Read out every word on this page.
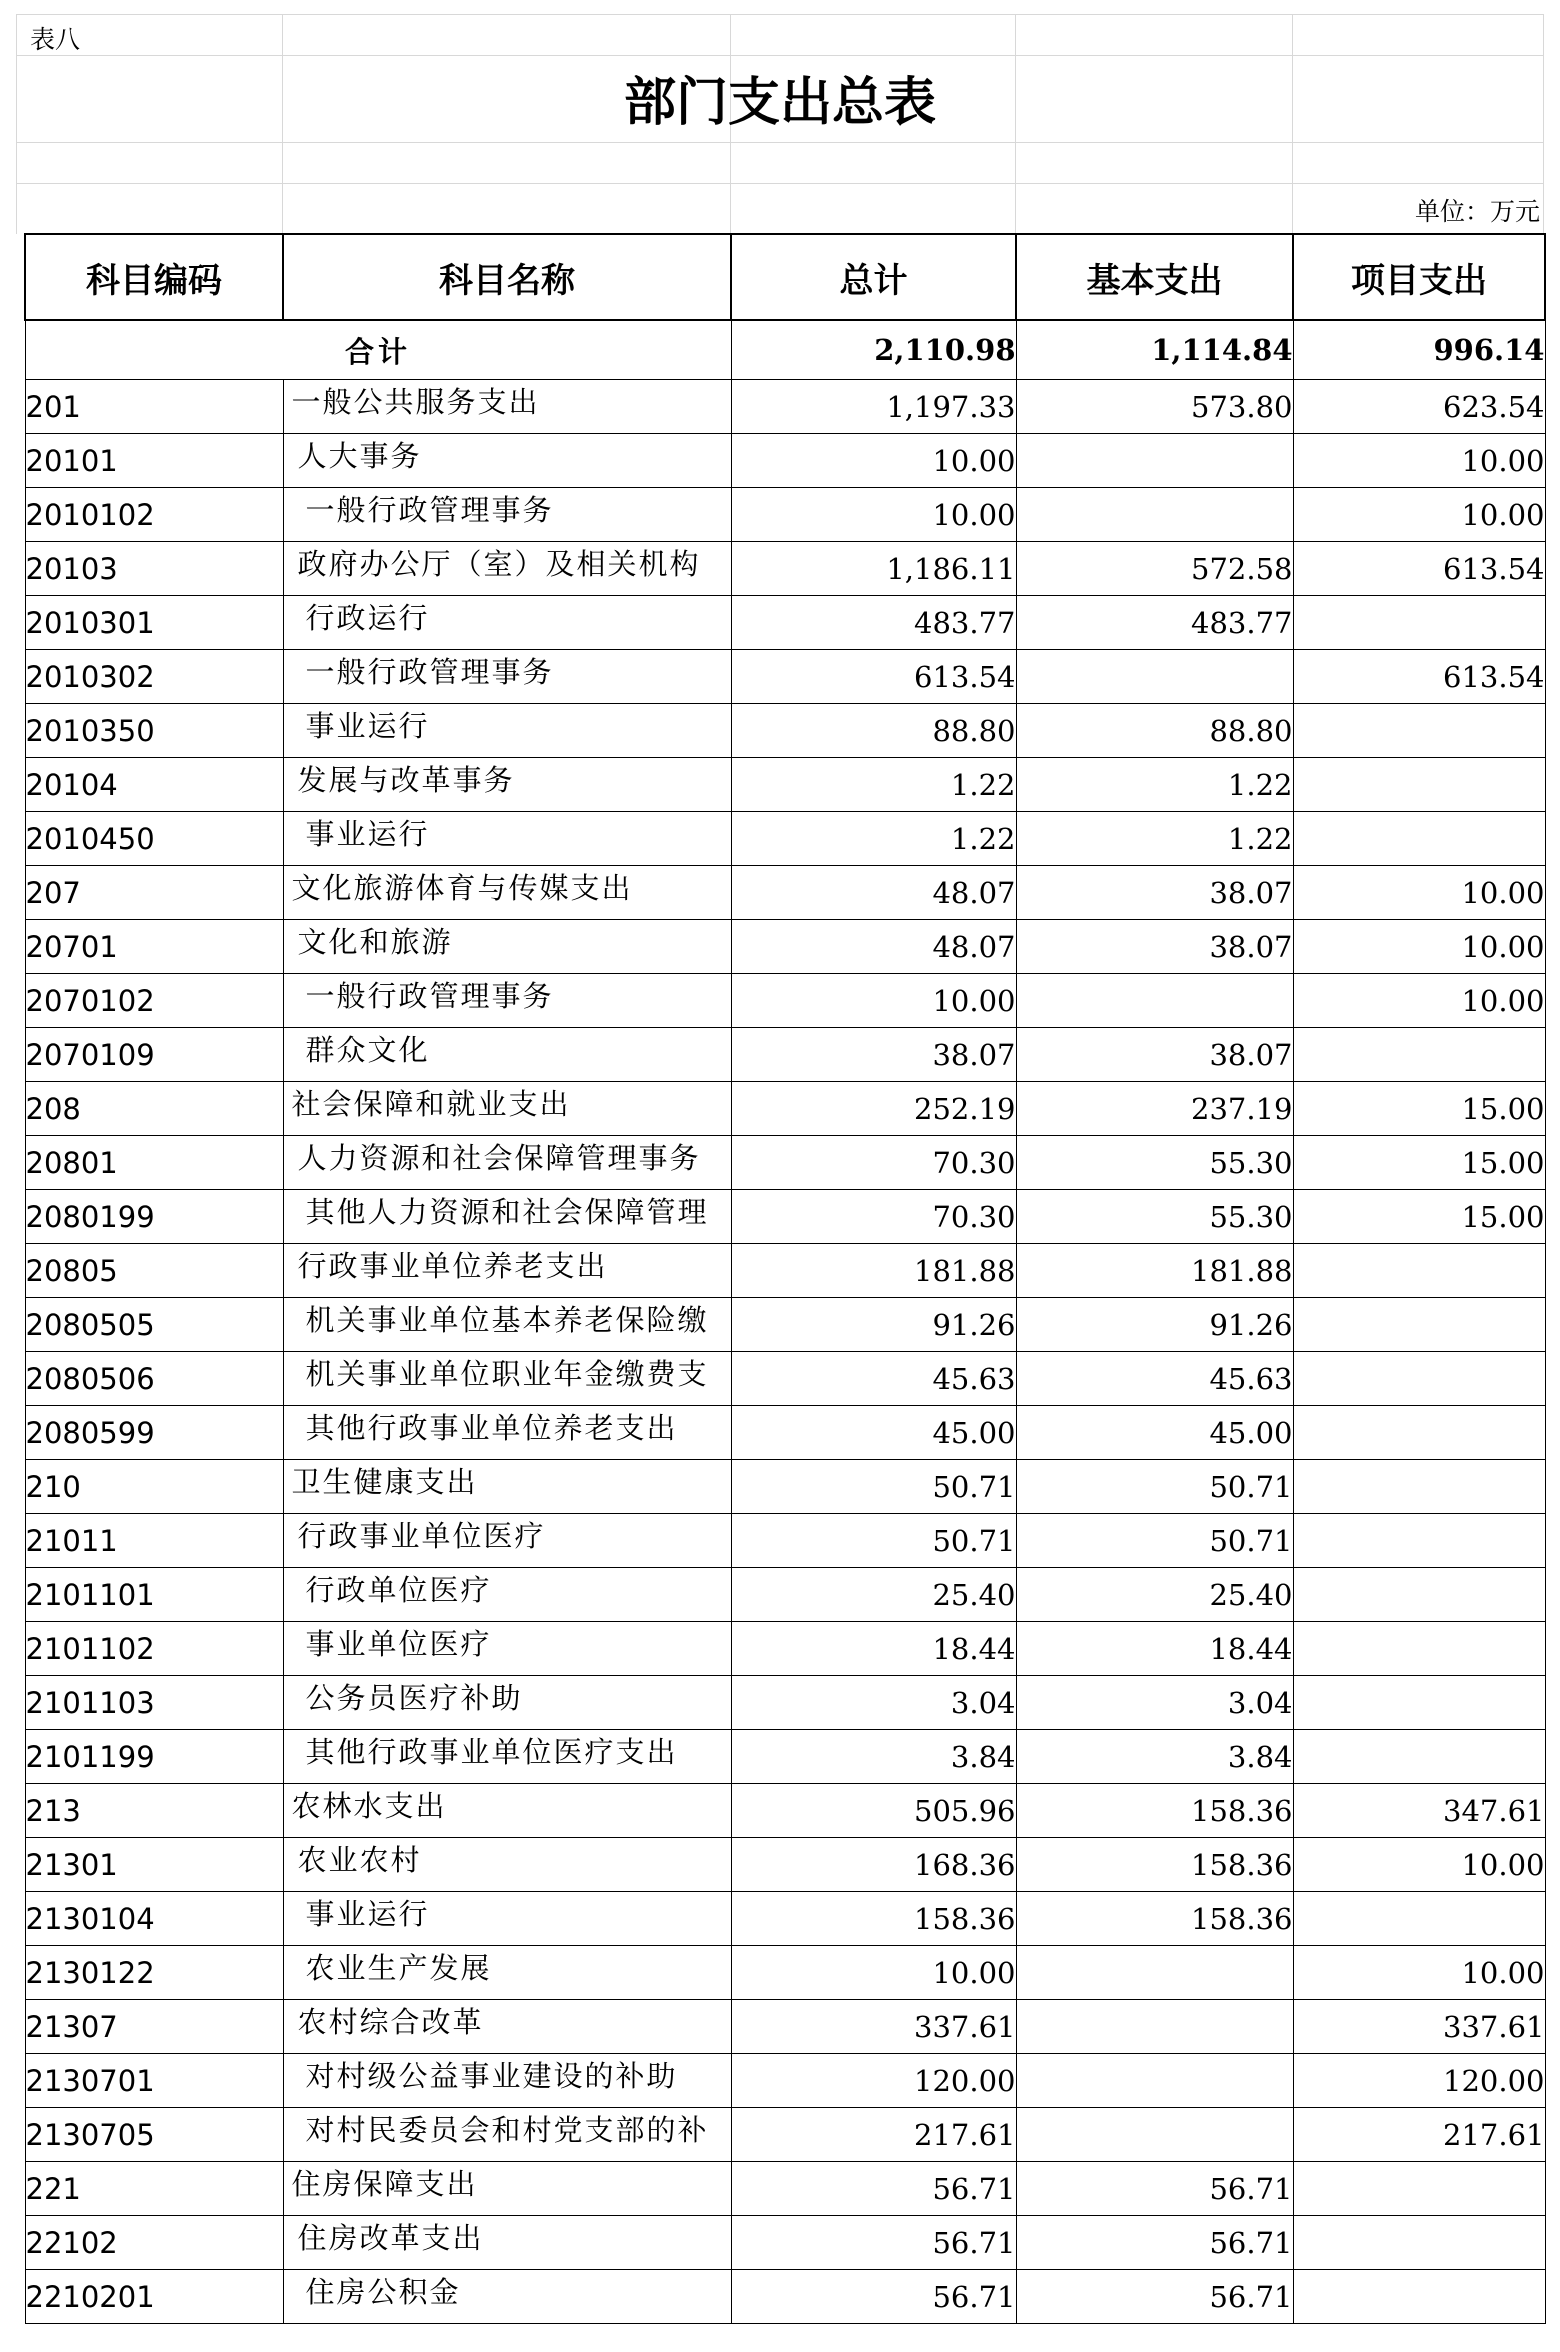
表八
部门支出总表
单位：万元
科目编码	科目名称	总计	基本支出	项目支出
合计		2,110.98	1,114.84	996.14
201	一般公共服务支出	1,197.33	573.80	623.54
20101	人大事务	10.00		10.00
2010102	一般行政管理事务	10.00		10.00
20103	政府办公厅（室）及相关机构	1,186.11	572.58	613.54
2010301	行政运行	483.77	483.77	
2010302	一般行政管理事务	613.54		613.54
2010350	事业运行	88.80	88.80	
20104	发展与改革事务	1.22	1.22	
2010450	事业运行	1.22	1.22	
207	文化旅游体育与传媒支出	48.07	38.07	10.00
20701	文化和旅游	48.07	38.07	10.00
2070102	一般行政管理事务	10.00		10.00
2070109	群众文化	38.07	38.07	
208	社会保障和就业支出	252.19	237.19	15.00
20801	人力资源和社会保障管理事务	70.30	55.30	15.00
2080199	其他人力资源和社会保障管理	70.30	55.30	15.00
20805	行政事业单位养老支出	181.88	181.88	
2080505	机关事业单位基本养老保险缴	91.26	91.26	
2080506	机关事业单位职业年金缴费支	45.63	45.63	
2080599	其他行政事业单位养老支出	45.00	45.00	
210	卫生健康支出	50.71	50.71	
21011	行政事业单位医疗	50.71	50.71	
2101101	行政单位医疗	25.40	25.40	
2101102	事业单位医疗	18.44	18.44	
2101103	公务员医疗补助	3.04	3.04	
2101199	其他行政事业单位医疗支出	3.84	3.84	
213	农林水支出	505.96	158.36	347.61
21301	农业农村	168.36	158.36	10.00
2130104	事业运行	158.36	158.36	
2130122	农业生产发展	10.00		10.00
21307	农村综合改革	337.61		337.61
2130701	对村级公益事业建设的补助	120.00		120.00
2130705	对村民委员会和村党支部的补	217.61		217.61
221	住房保障支出	56.71	56.71	
22102	住房改革支出	56.71	56.71	
2210201	住房公积金	56.71	56.71	
